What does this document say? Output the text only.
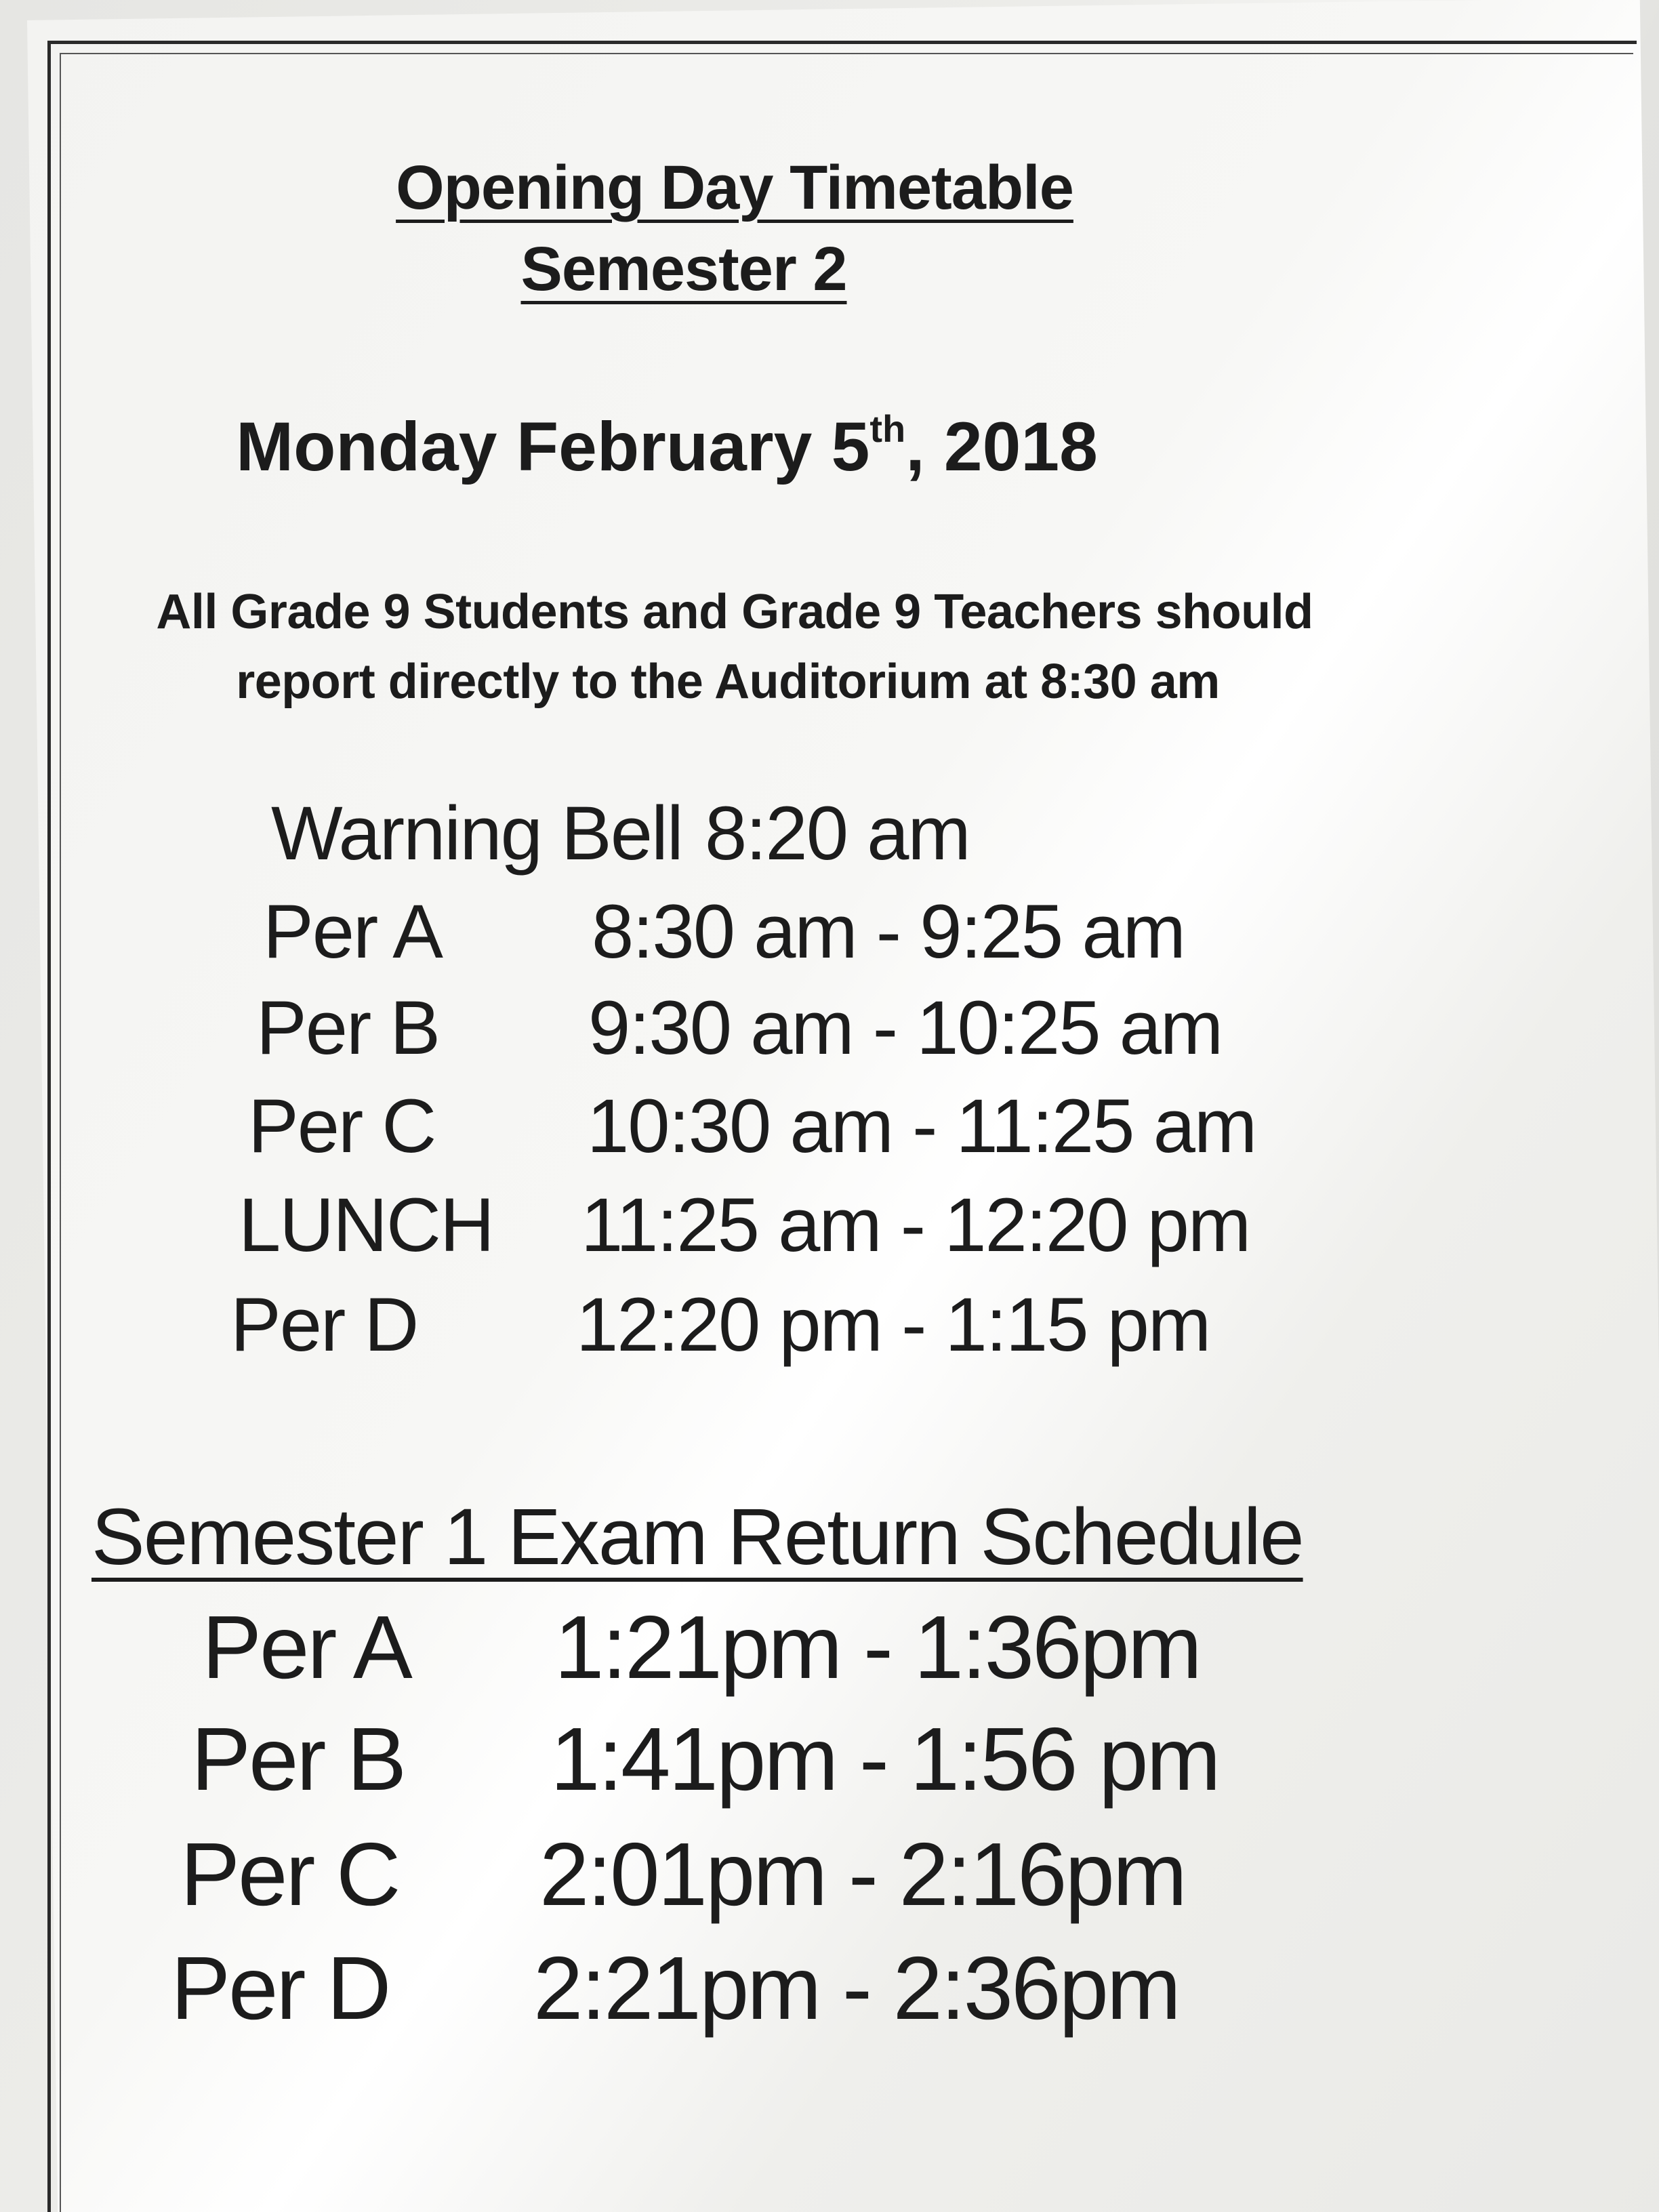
Opening Day Timetable
Semester 2
Monday February 5th, 2018
All Grade 9 Students and Grade 9 Teachers should
report directly to the Auditorium at 8:30 am
Warning Bell 8:20 am
Per A 8:30 am - 9:25 am
Per B 9:30 am - 10:25 am
Per C 10:30 am - 11:25 am
LUNCH 11:25 am - 12:20 pm
Per D 12:20 pm - 1:15 pm
Semester 1 Exam Return Schedule
Per A 1:21pm - 1:36pm
Per B 1:41pm - 1:56 pm
Per C 2:01pm - 2:16pm
Per D 2:21pm - 2:36pm
